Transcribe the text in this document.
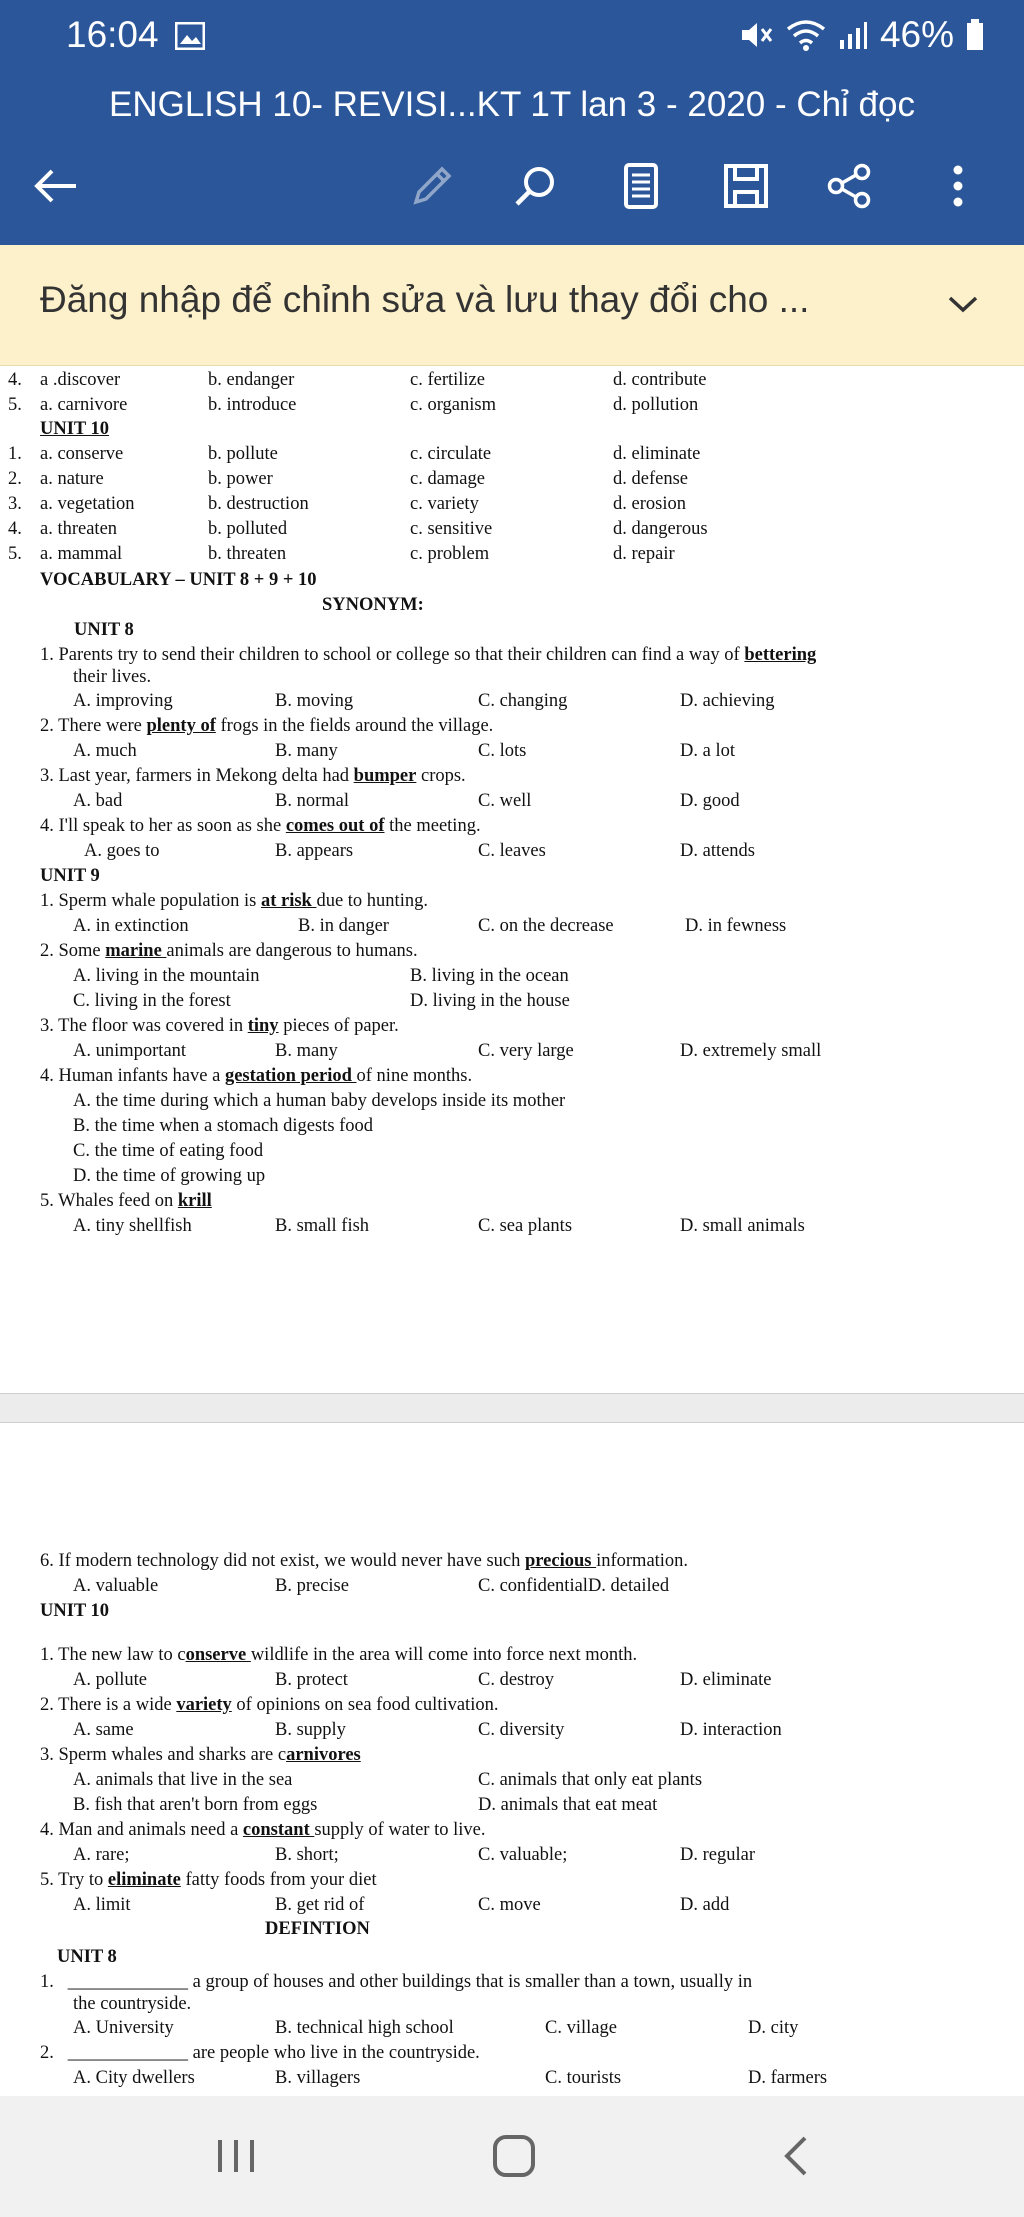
16:04	46%
ENGLISH 10- REVISI...KT 1T lan 3 - 2020 - Chỉ đọc
Đăng nhập để chỉnh sửa và lưu thay đổi cho ...
4. a .discover	b. endanger	c. fertilize	d. contribute
5. a. carnivore	b. introduce	c. organism	d. pollution
UNIT 10
1. a. conserve	b. pollute	c. circulate	d. eliminate
2. a. nature	b. power	c. damage	d. defense
3. a. vegetation	b. destruction	c. variety	d. erosion
4. a. threaten	b. polluted	c. sensitive	d. dangerous
5. a. mammal	b. threaten	c. problem	d. repair
VOCABULARY – UNIT 8 + 9 + 10
SYNONYM:
UNIT 8
1. Parents try to send their children to school or college so that their children can find a way of bettering
their lives.
A. improving	B. moving	C. changing	D. achieving
2. There were plenty of frogs in the fields around the village.
A. much	B. many	C. lots	D. a lot
3. Last year, farmers in Mekong delta had bumper crops.
A. bad	B. normal	C. well	D. good
4. I'll speak to her as soon as she comes out of the meeting.
A. goes to	B. appears	C. leaves	D. attends
UNIT 9
1. Sperm whale population is at risk due to hunting.
A. in extinction	B. in danger	C. on the decrease	D. in fewness
2. Some marine animals are dangerous to humans.
A. living in the mountain	B. living in the ocean
C. living in the forest	D. living in the house
3. The floor was covered in tiny pieces of paper.
A. unimportant	B. many	C. very large	D. extremely small
4. Human infants have a gestation period of nine months.
A. the time during which a human baby develops inside its mother
B. the time when a stomach digests food
C. the time of eating food
D. the time of growing up
5. Whales feed on krill
A. tiny shellfish	B. small fish	C. sea plants	D. small animals
6. If modern technology did not exist, we would never have such precious information.
A. valuable	B. precise	C. confidentialD. detailed
UNIT 10
1. The new law to conserve wildlife in the area will come into force next month.
A. pollute	B. protect	C. destroy	D. eliminate
2. There is a wide variety of opinions on sea food cultivation.
A. same	B. supply	C. diversity	D. interaction
3. Sperm whales and sharks are carnivores
A. animals that live in the sea	C. animals that only eat plants
B. fish that aren't born from eggs	D. animals that eat meat
4. Man and animals need a constant supply of water to live.
A. rare;	B. short;	C. valuable;	D. regular
5. Try to eliminate fatty foods from your diet
A. limit	B. get rid of	C. move	D. add
DEFINTION
UNIT 8
1. _____________ a group of houses and other buildings that is smaller than a town, usually in
the countryside.
A. University	B. technical high school	C. village	D. city
2. _____________ are people who live in the countryside.
A. City dwellers	B. villagers	C. tourists	D. farmers
